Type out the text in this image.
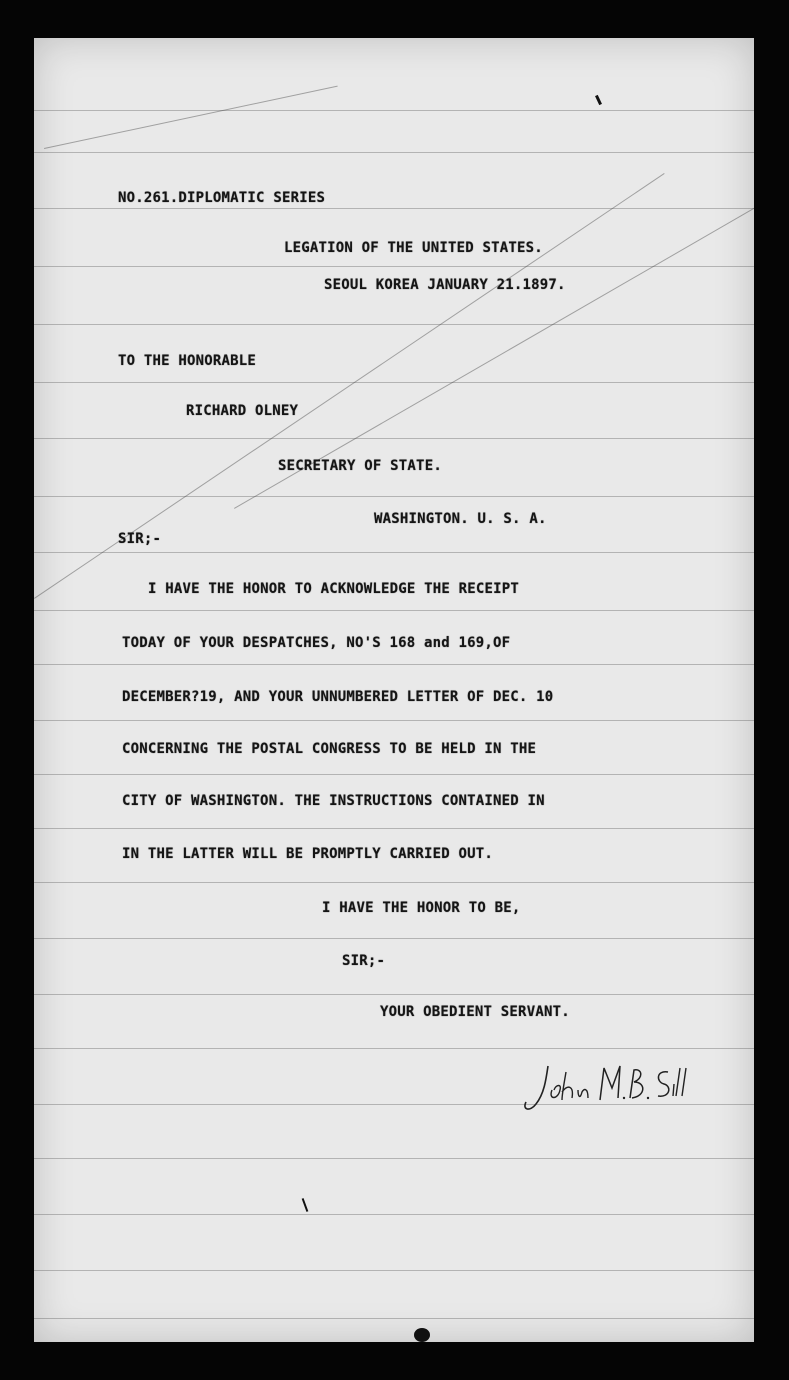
NO.261.DIPLOMATIC SERIES

LEGATION OF THE UNITED STATES.

SEOUL KOREA JANUARY 21.1897.

TO THE HONORABLE

RICHARD OLNEY

SECRETARY OF STATE.

WASHINGTON. U. S. A.

SIR;-

I HAVE THE HONOR TO ACKNOWLEDGE THE RECEIPT

TODAY OF YOUR DESPATCHES, NO'S 168 and 169,OF

DECEMBER?19, AND YOUR UNNUMBERED LETTER OF DEC. 10

CONCERNING THE POSTAL CONGRESS TO BE HELD IN THE

CITY OF WASHINGTON. THE INSTRUCTIONS CONTAINED IN

IN THE LATTER WILL BE PROMPTLY CARRIED OUT.

I HAVE THE HONOR TO BE,

SIR;-

YOUR OBEDIENT SERVANT.
